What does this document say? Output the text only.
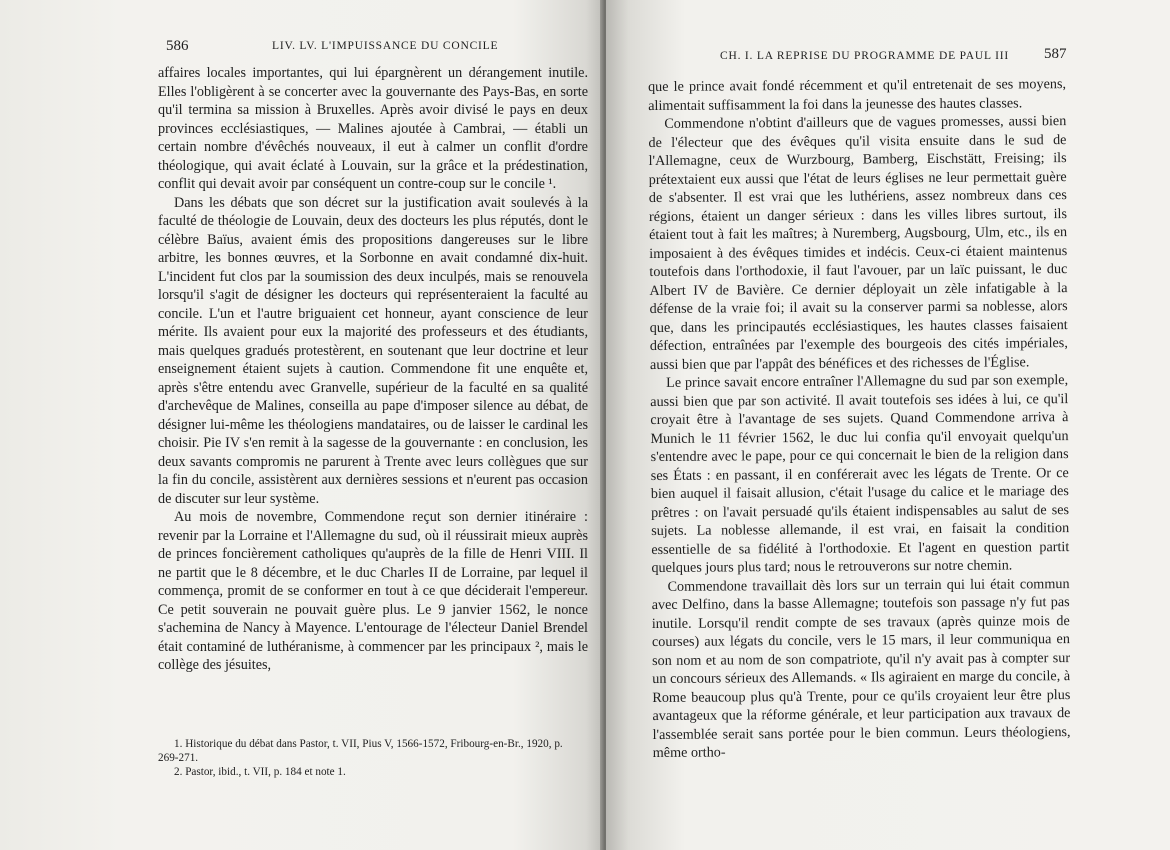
586	LIV. LV. L'IMPUISSANCE DU CONCILE

affaires locales importantes, qui lui épargnèrent un dérangement inutile. Elles l'obligèrent à se concerter avec la gouvernante des Pays-Bas, en sorte qu'il termina sa mission à Bruxelles. Après avoir divisé le pays en deux provinces ecclésiastiques, — Malines ajoutée à Cambrai, — établi un certain nombre d'évêchés nouveaux, il eut à calmer un conflit d'ordre théologique, qui avait éclaté à Louvain, sur la grâce et la prédestination, conflit qui devait avoir par conséquent un contre-coup sur le concile ¹.

Dans les débats que son décret sur la justification avait soulevés à la faculté de théologie de Louvain, deux des docteurs les plus réputés, dont le célèbre Baïus, avaient émis des propositions dangereuses sur le libre arbitre, les bonnes œuvres, et la Sorbonne en avait condamné dix-huit. L'incident fut clos par la soumission des deux inculpés, mais se renouvela lorsqu'il s'agit de désigner les docteurs qui représenteraient la faculté au concile. L'un et l'autre briguaient cet honneur, ayant conscience de leur mérite. Ils avaient pour eux la majorité des professeurs et des étudiants, mais quelques gradués protestèrent, en soutenant que leur doctrine et leur enseignement étaient sujets à caution. Commendone fit une enquête et, après s'être entendu avec Granvelle, supérieur de la faculté en sa qualité d'archevêque de Malines, conseilla au pape d'imposer silence au débat, de désigner lui-même les théologiens mandataires, ou de laisser le cardinal les choisir. Pie IV s'en remit à la sagesse de la gouvernante : en conclusion, les deux savants compromis ne parurent à Trente avec leurs collègues que sur la fin du concile, assistèrent aux dernières sessions et n'eurent pas occasion de discuter sur leur système.

Au mois de novembre, Commendone reçut son dernier itinéraire : revenir par la Lorraine et l'Allemagne du sud, où il réussirait mieux auprès de princes foncièrement catholiques qu'auprès de la fille de Henri VIII. Il ne partit que le 8 décembre, et le duc Charles II de Lorraine, par lequel il commença, promit de se conformer en tout à ce que déciderait l'empereur. Ce petit souverain ne pouvait guère plus. Le 9 janvier 1562, le nonce s'achemina de Nancy à Mayence. L'entourage de l'électeur Daniel Brendel était contaminé de luthéranisme, à commencer par les principaux ², mais le collège des jésuites,

1. Historique du débat dans Pastor, t. VII, Pius V, 1566-1572, Fribourg-en-Br., 1920, p. 269-271.

2. Pastor, ibid., t. VII, p. 184 et note 1.

CH. I. LA REPRISE DU PROGRAMME DE PAUL III 587

que le prince avait fondé récemment et qu'il entretenait de ses moyens, alimentait suffisamment la foi dans la jeunesse des hautes classes.

Commendone n'obtint d'ailleurs que de vagues promesses, aussi bien de l'électeur que des évêques qu'il visita ensuite dans le sud de l'Allemagne, ceux de Wurzbourg, Bamberg, Eischstätt, Freising; ils prétextaient eux aussi que l'état de leurs églises ne leur permettait guère de s'absenter. Il est vrai que les luthériens, assez nombreux dans ces régions, étaient un danger sérieux : dans les villes libres surtout, ils étaient tout à fait les maîtres; à Nuremberg, Augsbourg, Ulm, etc., ils en imposaient à des évêques timides et indécis. Ceux-ci étaient maintenus toutefois dans l'orthodoxie, il faut l'avouer, par un laïc puissant, le duc Albert IV de Bavière. Ce dernier déployait un zèle infatigable à la défense de la vraie foi; il avait su la conserver parmi sa noblesse, alors que, dans les principautés ecclésiastiques, les hautes classes faisaient défection, entraînées par l'exemple des bourgeois des cités impériales, aussi bien que par l'appât des bénéfices et des richesses de l'Église.

Le prince savait encore entraîner l'Allemagne du sud par son exemple, aussi bien que par son activité. Il avait toutefois ses idées à lui, ce qu'il croyait être à l'avantage de ses sujets. Quand Commendone arriva à Munich le 11 février 1562, le duc lui confia qu'il envoyait quelqu'un s'entendre avec le pape, pour ce qui concernait le bien de la religion dans ses États : en passant, il en conférerait avec les légats de Trente. Or ce bien auquel il faisait allusion, c'était l'usage du calice et le mariage des prêtres : on l'avait persuadé qu'ils étaient indispensables au salut de ses sujets. La noblesse allemande, il est vrai, en faisait la condition essentielle de sa fidélité à l'orthodoxie. Et l'agent en question partit quelques jours plus tard; nous le retrouverons sur notre chemin.

Commendone travaillait dès lors sur un terrain qui lui était commun avec Delfino, dans la basse Allemagne; toutefois son passage n'y fut pas inutile. Lorsqu'il rendit compte de ses travaux (après quinze mois de courses) aux légats du concile, vers le 15 mars, il leur communiqua en son nom et au nom de son compatriote, qu'il n'y avait pas à compter sur un concours sérieux des Allemands. « Ils agiraient en marge du concile, à Rome beaucoup plus qu'à Trente, pour ce qu'ils croyaient leur être plus avantageux que la réforme générale, et leur participation aux travaux de l'assemblée serait sans portée pour le bien commun. Leurs théologiens, même ortho-
